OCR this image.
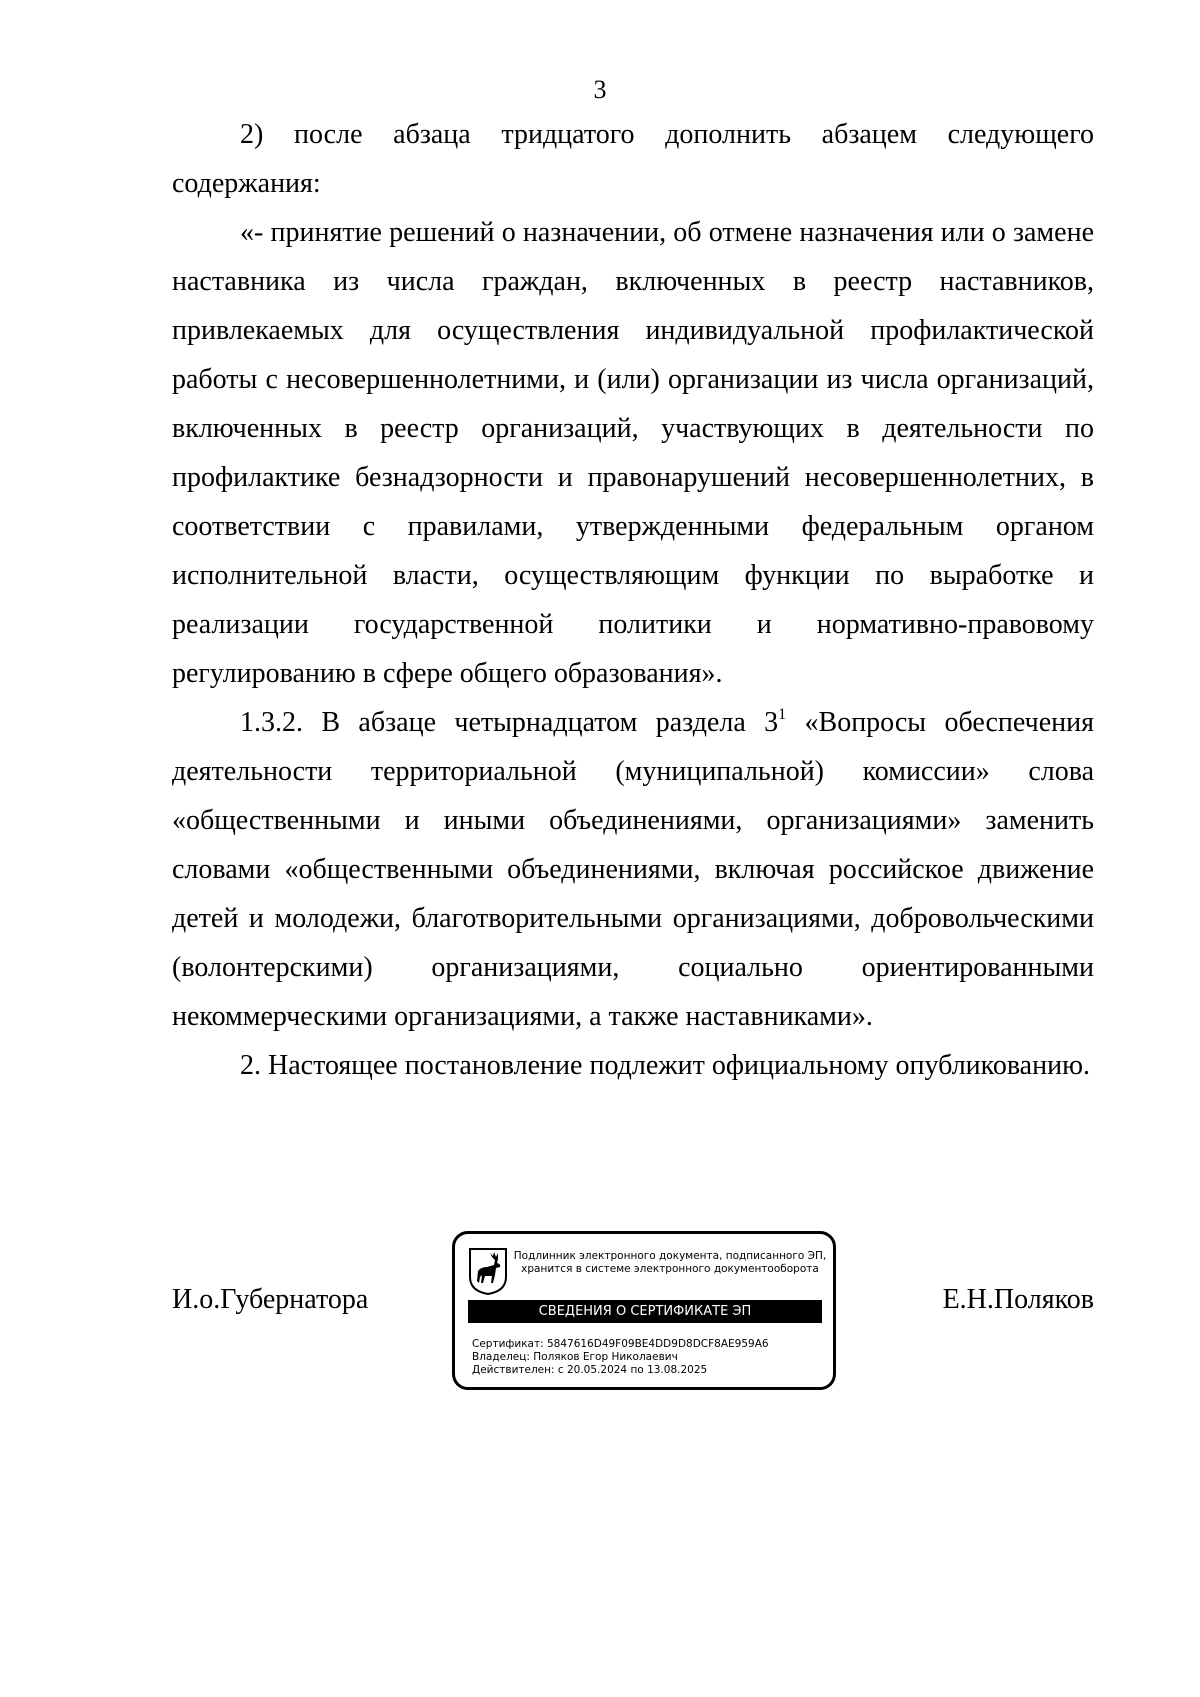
3

2) после абзаца тридцатого дополнить абзацем следующего содержания:

«- принятие решений о назначении, об отмене назначения или о замене наставника из числа граждан, включенных в реестр наставников, привлекаемых для осуществления индивидуальной профилактической работы с несовершеннолетними, и (или) организации из числа организаций, включенных в реестр организаций, участвующих в деятельности по профилактике безнадзорности и правонарушений несовершеннолетних, в соответствии с правилами, утвержденными федеральным органом исполнительной власти, осуществляющим функции по выработке и реализации государственной политики и нормативно-правовому регулированию в сфере общего образования».

1.3.2. В абзаце четырнадцатом раздела $3^1$ «Вопросы обеспечения деятельности территориальной (муниципальной) комиссии» слова «общественными и иными объединениями, организациями» заменить словами «общественными объединениями, включая российское движение детей и молодежи, благотворительными организациями, добровольческими (волонтерскими) организациями, социально ориентированными некоммерческими организациями, а также наставниками».

2. Настоящее постановление подлежит официальному опубликованию.

И.о.Губернатора	Е.Н.Поляков
Подлинник электронного документа, подписанного ЭП,
хранится в системе электронного документооборота
СВЕДЕНИЯ О СЕРТИФИКАТЕ ЭП
Сертификат: 5847616D49F09BE4DD9D8DCF8AE959A6
Владелец: Поляков Егор Николаевич
Действителен: с 20.05.2024 по 13.08.2025
